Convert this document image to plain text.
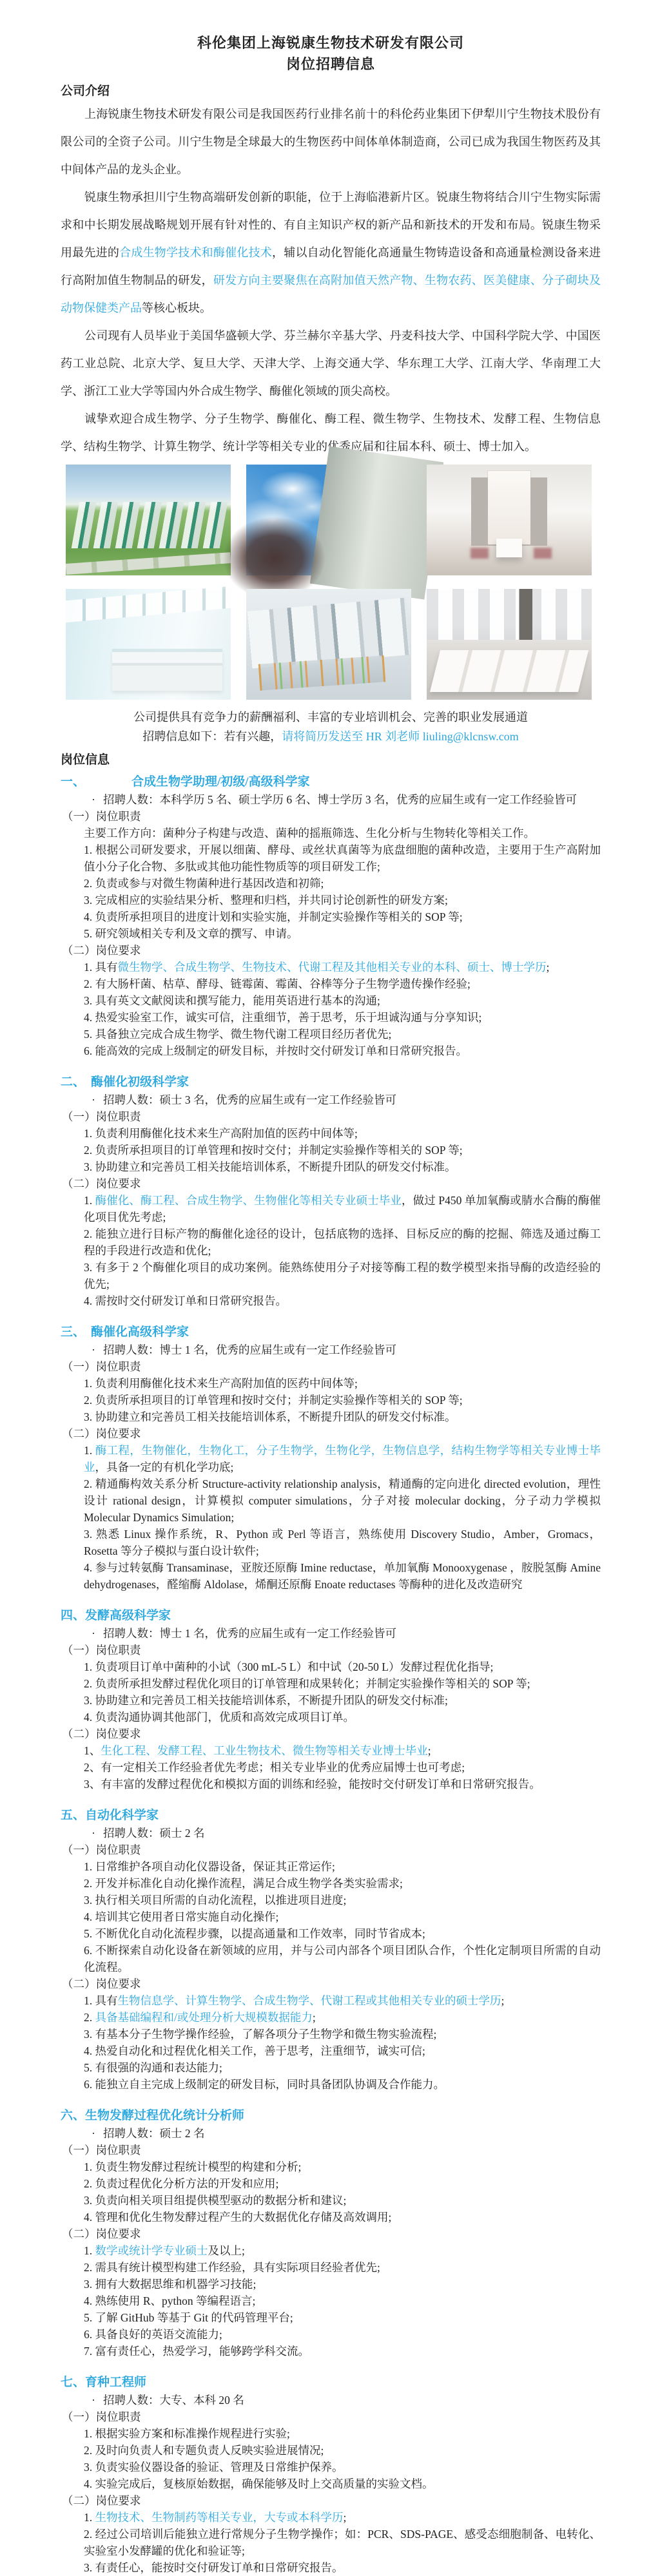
科伦集团上海锐康生物技术研发有限公司
岗位招聘信息
公司介绍

上海锐康生物技术研发有限公司是我国医药行业排名前十的科伦药业集团下伊犁川宁生物技术股份有限公司的全资子公司。川宁生物是全球最大的生物医药中间体单体制造商，公司已成为我国生物医药及其中间体产品的龙头企业。

锐康生物承担川宁生物高端研发创新的职能，位于上海临港新片区。锐康生物将结合川宁生物实际需求和中长期发展战略规划开展有针对性的、有自主知识产权的新产品和新技术的开发和布局。锐康生物采用最先进的合成生物学技术和酶催化技术，辅以自动化智能化高通量生物铸造设备和高通量检测设备来进行高附加值生物制品的研发，研发方向主要聚焦在高附加值天然产物、生物农药、医美健康、分子砌块及动物保健类产品等核心板块。

公司现有人员毕业于美国华盛顿大学、芬兰赫尔辛基大学、丹麦科技大学、中国科学院大学、中国医药工业总院、北京大学、复旦大学、天津大学、上海交通大学、华东理工大学、江南大学、华南理工大学、浙江工业大学等国内外合成生物学、酶催化领域的顶尖高校。

诚挚欢迎合成生物学、分子生物学、酶催化、酶工程、微生物学、生物技术、发酵工程、生物信息学、结构生物学、计算生物学、统计学等相关专业的优秀应届和往届本科、硕士、博士加入。

公司提供具有竞争力的薪酬福利、丰富的专业培训机会、完善的职业发展通道
招聘信息如下：若有兴趣，请将简历发送至 HR 刘老师 liuling@klcnsw.com
岗位信息
一、	合成生物学助理/初级/高级科学家
· 招聘人数：本科学历 5 名、硕士学历 6 名、博士学历 3 名，优秀的应届生或有一定工作经验皆可
（一）岗位职责
主要工作方向：菌种分子构建与改造、菌种的摇瓶筛选、生化分析与生物转化等相关工作。
1. 根据公司研发要求，开展以细菌、酵母、或丝状真菌等为底盘细胞的菌种改造，主要用于生产高附加值小分子化合物、多肽或其他功能性物质等的项目研发工作;
2. 负责或参与对微生物菌种进行基因改造和初筛;
3. 完成相应的实验结果分析、整理和归档，并共同讨论创新性的研发方案;
4. 负责所承担项目的进度计划和实验实施，并制定实验操作等相关的 SOP 等;
5. 研究领域相关专利及文章的撰写、申请。
（二）岗位要求
1. 具有微生物学、合成生物学、生物技术、代谢工程及其他相关专业的本科、硕士、博士学历;
2. 有大肠杆菌、枯草、酵母、链霉菌、霉菌、谷棒等分子生物学遗传操作经验;
3. 具有英文文献阅读和撰写能力，能用英语进行基本的沟通;
4. 热爱实验室工作，诚实可信，注重细节，善于思考，乐于坦诚沟通与分享知识;
5. 具备独立完成合成生物学、微生物代谢工程项目经历者优先;
6. 能高效的完成上级制定的研发目标，并按时交付研发订单和日常研究报告。
二、 酶催化初级科学家
· 招聘人数：硕士 3 名，优秀的应届生或有一定工作经验皆可
（一）岗位职责
1. 负责利用酶催化技术来生产高附加值的医药中间体等;
2. 负责所承担项目的订单管理和按时交付；并制定实验操作等相关的 SOP 等;
3. 协助建立和完善员工相关技能培训体系，不断提升团队的研发交付标准。
（二）岗位要求
1. 酶催化、酶工程、合成生物学、生物催化等相关专业硕士毕业，做过 P450 单加氧酶或腈水合酶的酶催化项目优先考虑;
2. 能独立进行目标产物的酶催化途径的设计，包括底物的选择、目标反应的酶的挖掘、筛选及通过酶工程的手段进行改造和优化;
3. 有多于 2 个酶催化项目的成功案例。能熟练使用分子对接等酶工程的数学模型来指导酶的改造经验的优先;
4. 需按时交付研发订单和日常研究报告。
三、 酶催化高级科学家
· 招聘人数：博士 1 名，优秀的应届生或有一定工作经验皆可
（一）岗位职责
1. 负责利用酶催化技术来生产高附加值的医药中间体等;
2. 负责所承担项目的订单管理和按时交付；并制定实验操作等相关的 SOP 等;
3. 协助建立和完善员工相关技能培训体系，不断提升团队的研发交付标准。
（二）岗位要求
1. 酶工程，生物催化，生物化工，分子生物学，生物化学，生物信息学，结构生物学等相关专业博士毕业，具备一定的有机化学功底;
2. 精通酶构效关系分析 Structure-activity relationship analysis，精通酶的定向进化 directed evolution，理性设计 rational design，计算模拟 computer simulations，分子对接 molecular docking，分子动力学模拟 Molecular Dynamics Simulation;
3. 熟悉 Linux 操作系统，R、Python 或 Perl 等语言，熟练使用 Discovery Studio，Amber，Gromacs，Rosetta 等分子模拟与蛋白设计软件;
4. 参与过转氨酶 Transaminase，亚胺还原酶 Imine reductase，单加氧酶 Monooxygenase ，胺脱氢酶 Amine dehydrogenases，醛缩酶 Aldolase，烯酮还原酶 Enoate reductases 等酶种的进化及改造研究
四、发酵高级科学家
· 招聘人数：博士 1 名，优秀的应届生或有一定工作经验皆可
（一）岗位职责
1. 负责项目订单中菌种的小试（300 mL-5 L）和中试（20-50 L）发酵过程优化指导;
2. 负责所承担发酵过程优化项目的订单管理和成果转化；并制定实验操作等相关的 SOP 等;
3. 协助建立和完善员工相关技能培训体系，不断提升团队的研发交付标准;
4. 负责沟通协调其他部门，优质和高效完成项目订单。
（二）岗位要求
1、生化工程、发酵工程、工业生物技术、微生物等相关专业博士毕业;
2、有一定相关工作经验者优先考虑；相关专业毕业的优秀应届博士也可考虑;
3、有丰富的发酵过程优化和模拟方面的训练和经验，能按时交付研发订单和日常研究报告。
五、自动化科学家
· 招聘人数：硕士 2 名
（一）岗位职责
1. 日常维护各项自动化仪器设备，保证其正常运作;
2. 开发并标准化自动化操作流程，满足合成生物学各类实验需求;
3. 执行相关项目所需的自动化流程，以推进项目进度;
4. 培训其它使用者日常实施自动化操作;
5. 不断优化自动化流程步骤，以提高通量和工作效率，同时节省成本;
6. 不断探索自动化设备在新领域的应用，并与公司内部各个项目团队合作，个性化定制项目所需的自动化流程。
（二）岗位要求
1. 具有生物信息学、计算生物学、合成生物学、代谢工程或其他相关专业的硕士学历;
2. 具备基础编程和/或处理分析大规模数据能力;
3. 有基本分子生物学操作经验，了解各项分子生物学和微生物实验流程;
4. 热爱自动化和过程优化相关工作，善于思考，注重细节，诚实可信;
5. 有很强的沟通和表达能力;
6. 能独立自主完成上级制定的研发目标，同时具备团队协调及合作能力。
六、生物发酵过程优化统计分析师
· 招聘人数：硕士 2 名
（一）岗位职责
1. 负责生物发酵过程统计模型的构建和分析;
2. 负责过程优化分析方法的开发和应用;
3. 负责向相关项目组提供模型驱动的数据分析和建议;
4. 管理和优化生物发酵过程产生的大数据优化存储及高效调用;
（二）岗位要求
1. 数学或统计学专业硕士及以上;
2. 需具有统计模型构建工作经验，具有实际项目经验者优先;
3. 拥有大数据思维和机器学习技能;
4. 熟练使用 R、python 等编程语言;
5. 了解 GitHub 等基于 Git 的代码管理平台;
6. 具备良好的英语交流能力;
7. 富有责任心，热爱学习，能够跨学科交流。
七、育种工程师
· 招聘人数：大专、本科 20 名
（一）岗位职责
1. 根据实验方案和标准操作规程进行实验;
2. 及时向负责人和专题负责人反映实验进展情况;
3. 负责实验仪器设备的验证、管理及日常维护保养。
4. 实验完成后，复核原始数据，确保能够及时上交高质量的实验文档。
（二）岗位要求
1. 生物技术、生物制药等相关专业，大专或本科学历;
2. 经过公司培训后能独立进行常规分子生物学操作；如：PCR、SDS-PAGE、感受态细胞制备、电转化、实验室小发酵罐的优化和验证等;
3. 有责任心，能按时交付研发订单和日常研究报告。
